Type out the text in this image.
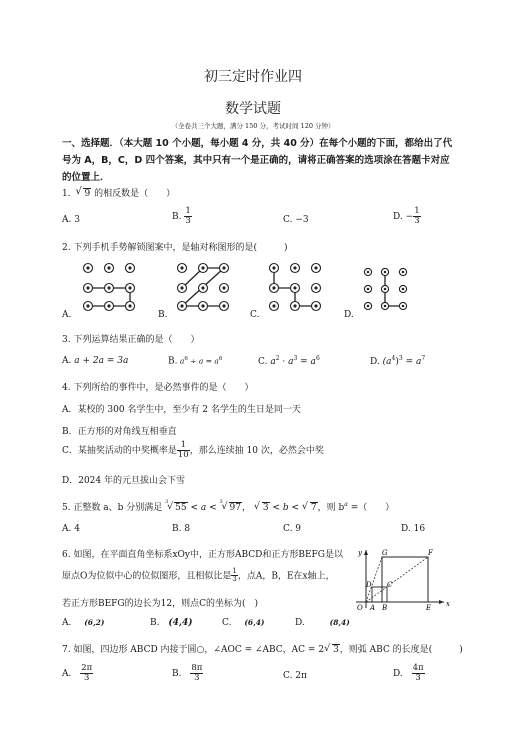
初三定时作业四
数学试题
（全卷共三个大题，满分 150 分，考试时间 120 分钟）
一、选择题．（本大题 10 个小题，每小题 4 分，共 40 分）在每个小题的下面，都给出了代
号为 A，B，C，D 四个答案，其中只有一个是正确的，请将正确答案的选项涂在答题卡对应
的位置上．
1. √ 9 的相反数是（　　）
A. 3	B. $\frac{1}{3}$	C. −3	D. − $\frac{1}{3}$
2. 下列手机手势解锁图案中，是轴对称图形的是(　　　)
A.	B.	C.	D.
3. 下列运算结果正确的是（　　）
A. a + 2a = 3a	B. $a^6 \div a = a^6$	C. $a^2 \cdot a^3 = a^6$	D. $(a^4)^3 = a^7$
4. 下列所给的事件中，是必然事件的是（　　）
A．某校的 300 名学生中，至少有 2 名学生的生日是同一天
B．正方形的对角线互相垂直
C．某抽奖活动的中奖概率是 $\frac{1}{10}$ ，那么连续抽 10 次，必然会中奖
D．2024 年的元旦拔山会下雪
5. 正整数 a、b 分别满足
3
√ 55 < a <
3
√ 97， √ 3 < b < √ 7，则 $b^a$ =（　　）
A. 4	B. 8	C. 9	D. 16
6. 如图，在平面直角坐标系xOy中，正方形ABCD和正方形BEFG是以
原点O为位似中心的位似图形，且相似比是 $\frac{1}{3}$ ，点A，B，E在x轴上，
若正方形BEFG的边长为12，则点C的坐标为(　)
y
x
O A B	E
G	F
D C
A. (6,2)	B. (4,4)	C. (6,4)	D.	(8,4)
7. 如图，四边形 ABCD 内接于圆○，∠AOC = ∠ABC，AC = 2 √ 3，则弧 ABC 的长度是(　　　)
A. $\frac{2\pi}{3}$	B. $\frac{8\pi}{3}$	C. 2π	D. $\frac{4\pi}{3}$
